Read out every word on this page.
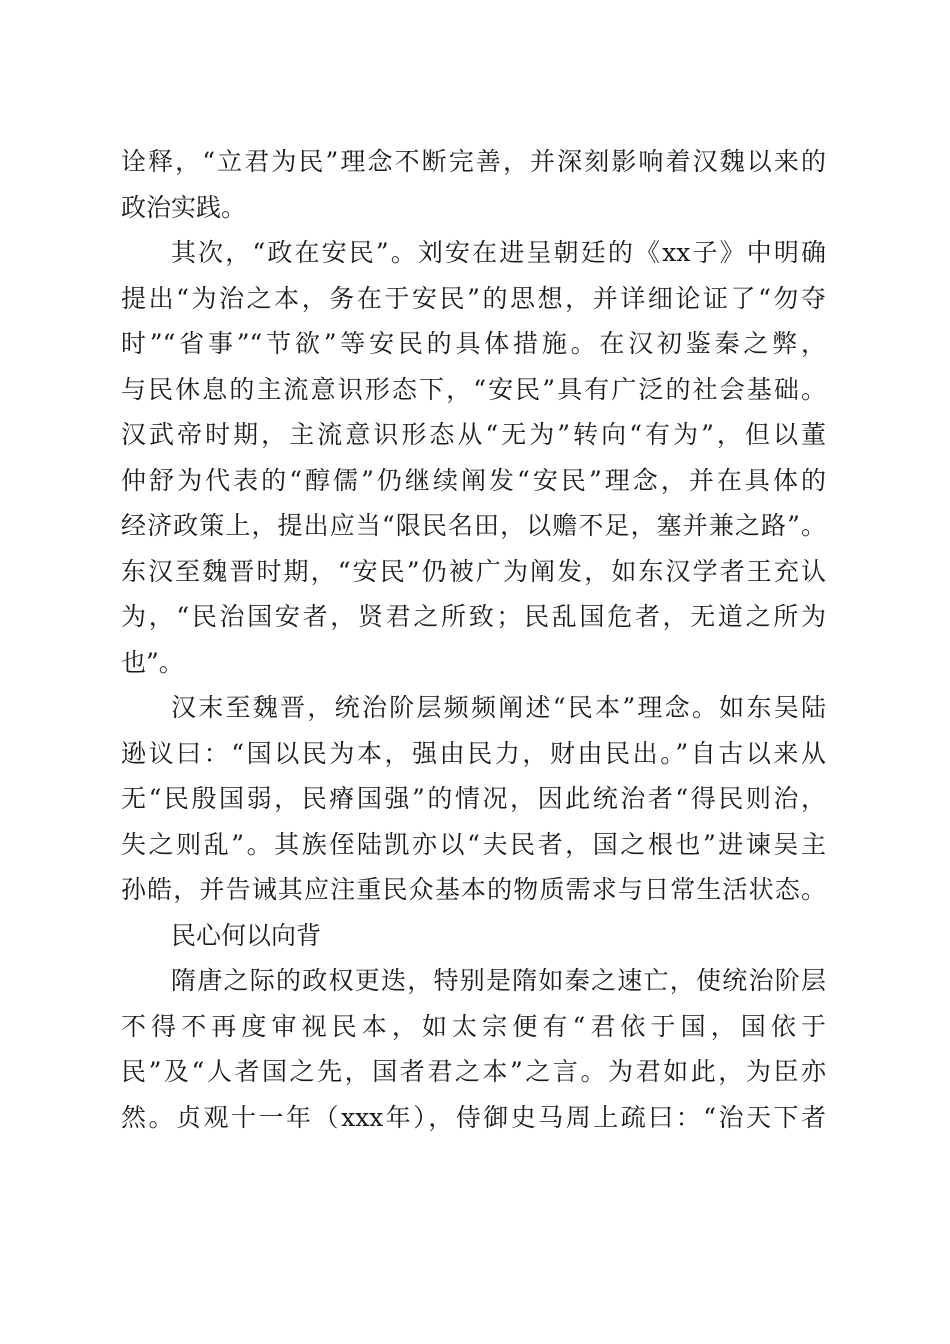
诠释，“立君为民”理念不断完善，并深刻影响着汉魏以来的
政治实践。
其次，“政在安民”。刘安在进呈朝廷的《xx子》中明确
提出“为治之本，务在于安民”的思想，并详细论证了“勿夺
时”“省事”“节欲”等安民的具体措施。在汉初鉴秦之弊，
与民休息的主流意识形态下，“安民”具有广泛的社会基础。
汉武帝时期，主流意识形态从“无为”转向“有为”，但以董
仲舒为代表的“醇儒”仍继续阐发“安民”理念，并在具体的
经济政策上，提出应当“限民名田，以赡不足，塞并兼之路”。
东汉至魏晋时期，“安民”仍被广为阐发，如东汉学者王充认
为，“民治国安者，贤君之所致；民乱国危者，无道之所为
也”。
汉末至魏晋，统治阶层频频阐述“民本”理念。如东吴陆
逊议曰：“国以民为本，强由民力，财由民出。”自古以来从
无“民殷国弱，民瘠国强”的情况，因此统治者“得民则治，
失之则乱”。其族侄陆凯亦以“夫民者，国之根也”进谏吴主
孙皓，并告诫其应注重民众基本的物质需求与日常生活状态。
民心何以向背
隋唐之际的政权更迭，特别是隋如秦之速亡，使统治阶层
不得不再度审视民本，如太宗便有“君依于国，国依于
民”及“人者国之先，国者君之本”之言。为君如此，为臣亦
然。贞观十一年（xxx年），侍御史马周上疏曰：“治天下者
